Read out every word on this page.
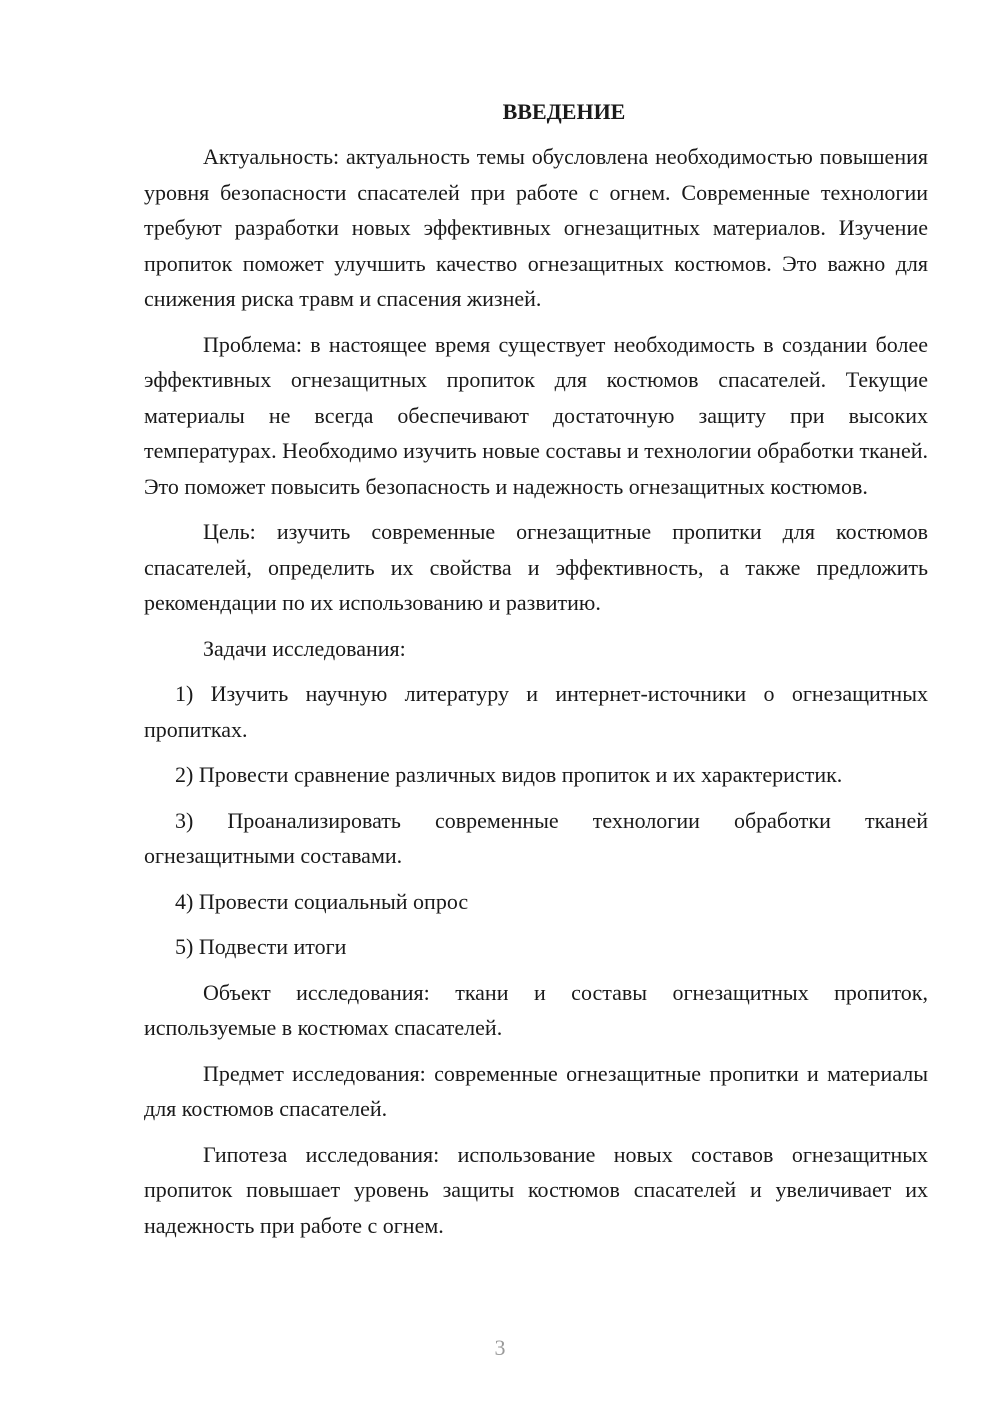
ВВЕДЕНИЕ

Актуальность: актуальность темы обусловлена необходимостью повышения уровня безопасности спасателей при работе с огнем. Современные технологии требуют разработки новых эффективных огнезащитных материалов. Изучение пропиток поможет улучшить качество огнезащитных костюмов. Это важно для снижения риска травм и спасения жизней.

Проблема: в настоящее время существует необходимость в создании более эффективных огнезащитных пропиток для костюмов спасателей. Текущие материалы не всегда обеспечивают достаточную защиту при высоких температурах. Необходимо изучить новые составы и технологии обработки тканей. Это поможет повысить безопасность и надежность огнезащитных костюмов.

Цель: изучить современные огнезащитные пропитки для костюмов спасателей, определить их свойства и эффективность, а также предложить рекомендации по их использованию и развитию.

Задачи исследования:

1) Изучить научную литературу и интернет-источники о огнезащитных пропитках.

2) Провести сравнение различных видов пропиток и их характеристик.

3) Проанализировать современные технологии обработки тканей огнезащитными составами.

4) Провести социальный опрос

5) Подвести итоги

Объект исследования: ткани и составы огнезащитных пропиток, используемые в костюмах спасателей.

Предмет исследования: современные огнезащитные пропитки и материалы для костюмов спасателей.

Гипотеза исследования: использование новых составов огнезащитных пропиток повышает уровень защиты костюмов спасателей и увеличивает их надежность при работе с огнем.

3
